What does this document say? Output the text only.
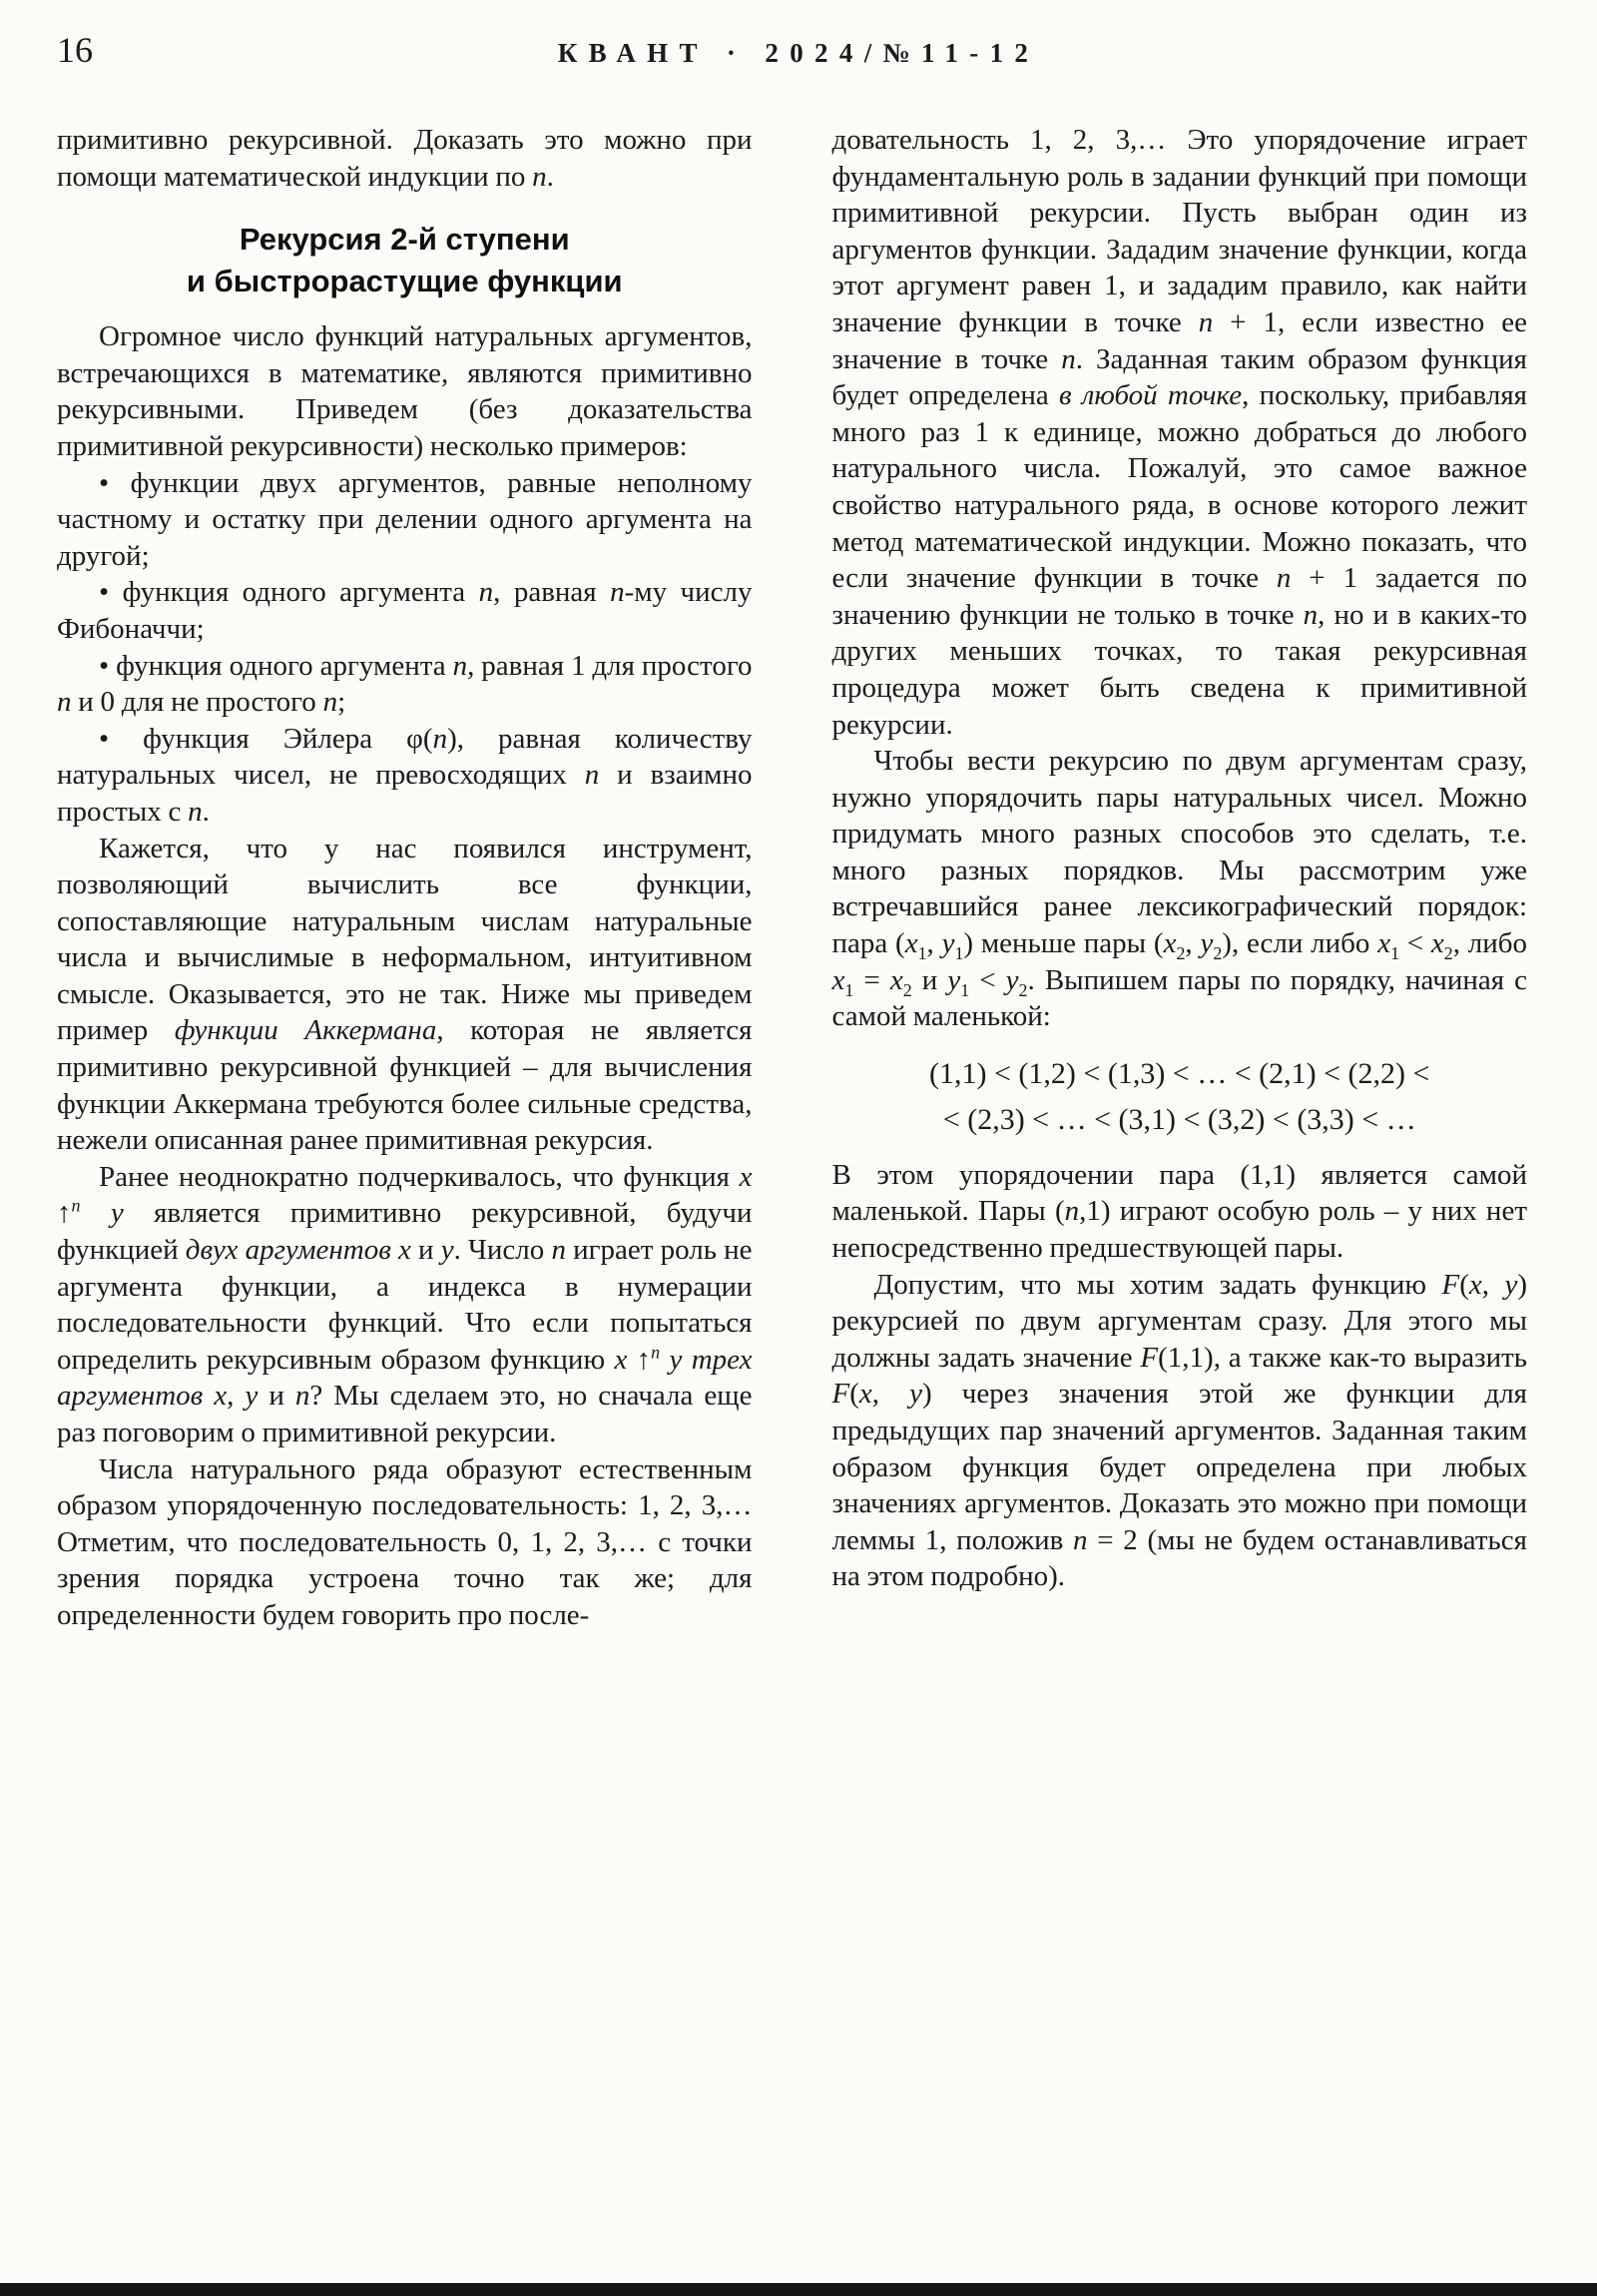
16	КВАНТ · 2024/№11-12

примитивно рекурсивной. Доказать это можно при помощи математической индукции по n.

Рекурсия 2-й ступени
и быстрорастущие функции

Огромное число функций натуральных аргументов, встречающихся в математике, являются примитивно рекурсивными. Приведем (без доказательства примитивной рекурсивности) несколько примеров:

• функции двух аргументов, равные неполному частному и остатку при делении одного аргумента на другой;

• функция одного аргумента n, равная n-му числу Фибоначчи;

• функция одного аргумента n, равная 1 для простого n и 0 для не простого n;

• функция Эйлера φ(n), равная количеству натуральных чисел, не превосходящих n и взаимно простых с n.

Кажется, что у нас появился инструмент, позволяющий вычислить все функции, сопоставляющие натуральным числам натуральные числа и вычислимые в неформальном, интуитивном смысле. Оказывается, это не так. Ниже мы приведем пример функции Аккермана, которая не является примитивно рекурсивной функцией – для вычисления функции Аккермана требуются более сильные средства, нежели описанная ранее примитивная рекурсия.

Ранее неоднократно подчеркивалось, что функция x ↑$^n$ y является примитивно рекурсивной, будучи функцией двух аргументов x и y. Число n играет роль не аргумента функции, а индекса в нумерации последовательности функций. Что если попытаться определить рекурсивным образом функцию x ↑$^n$ y трех аргументов x, y и n? Мы сделаем это, но сначала еще раз поговорим о примитивной рекурсии.

Числа натурального ряда образуют естественным образом упорядоченную последовательность: 1, 2, 3,… Отметим, что последовательность 0, 1, 2, 3,… с точки зрения порядка устроена точно так же; для определенности будем говорить про после-

довательность 1, 2, 3,… Это упорядочение играет фундаментальную роль в задании функций при помощи примитивной рекурсии. Пусть выбран один из аргументов функции. Зададим значение функции, когда этот аргумент равен 1, и зададим правило, как найти значение функции в точке n + 1, если известно ее значение в точке n. Заданная таким образом функция будет определена в любой точке, поскольку, прибавляя много раз 1 к единице, можно добраться до любого натурального числа. Пожалуй, это самое важное свойство натурального ряда, в основе которого лежит метод математической индукции. Можно показать, что если значение функции в точке n + 1 задается по значению функции не только в точке n, но и в каких-то других меньших точках, то такая рекурсивная процедура может быть сведена к примитивной рекурсии.

Чтобы вести рекурсию по двум аргументам сразу, нужно упорядочить пары натуральных чисел. Можно придумать много разных способов это сделать, т.е. много разных порядков. Мы рассмотрим уже встречавшийся ранее лексикографический порядок: пара ($x_1$, $y_1$) меньше пары ($x_2$, $y_2$), если либо $x_1 < x_2$, либо $x_1 = x_2$ и $y_1 < y_2$. Выпишем пары по порядку, начиная с самой маленькой:

(1,1) < (1,2) < (1,3) < … < (2,1) < (2,2) <
< (2,3) < … < (3,1) < (3,2) < (3,3) < …

В этом упорядочении пара (1,1) является самой маленькой. Пары (n,1) играют особую роль – у них нет непосредственно предшествующей пары.

Допустим, что мы хотим задать функцию F(x, y) рекурсией по двум аргументам сразу. Для этого мы должны задать значение F(1,1), а также как-то выразить F(x, y) через значения этой же функции для предыдущих пар значений аргументов. Заданная таким образом функция будет определена при любых значениях аргументов. Доказать это можно при помощи леммы 1, положив n = 2 (мы не будем останавливаться на этом подробно).
